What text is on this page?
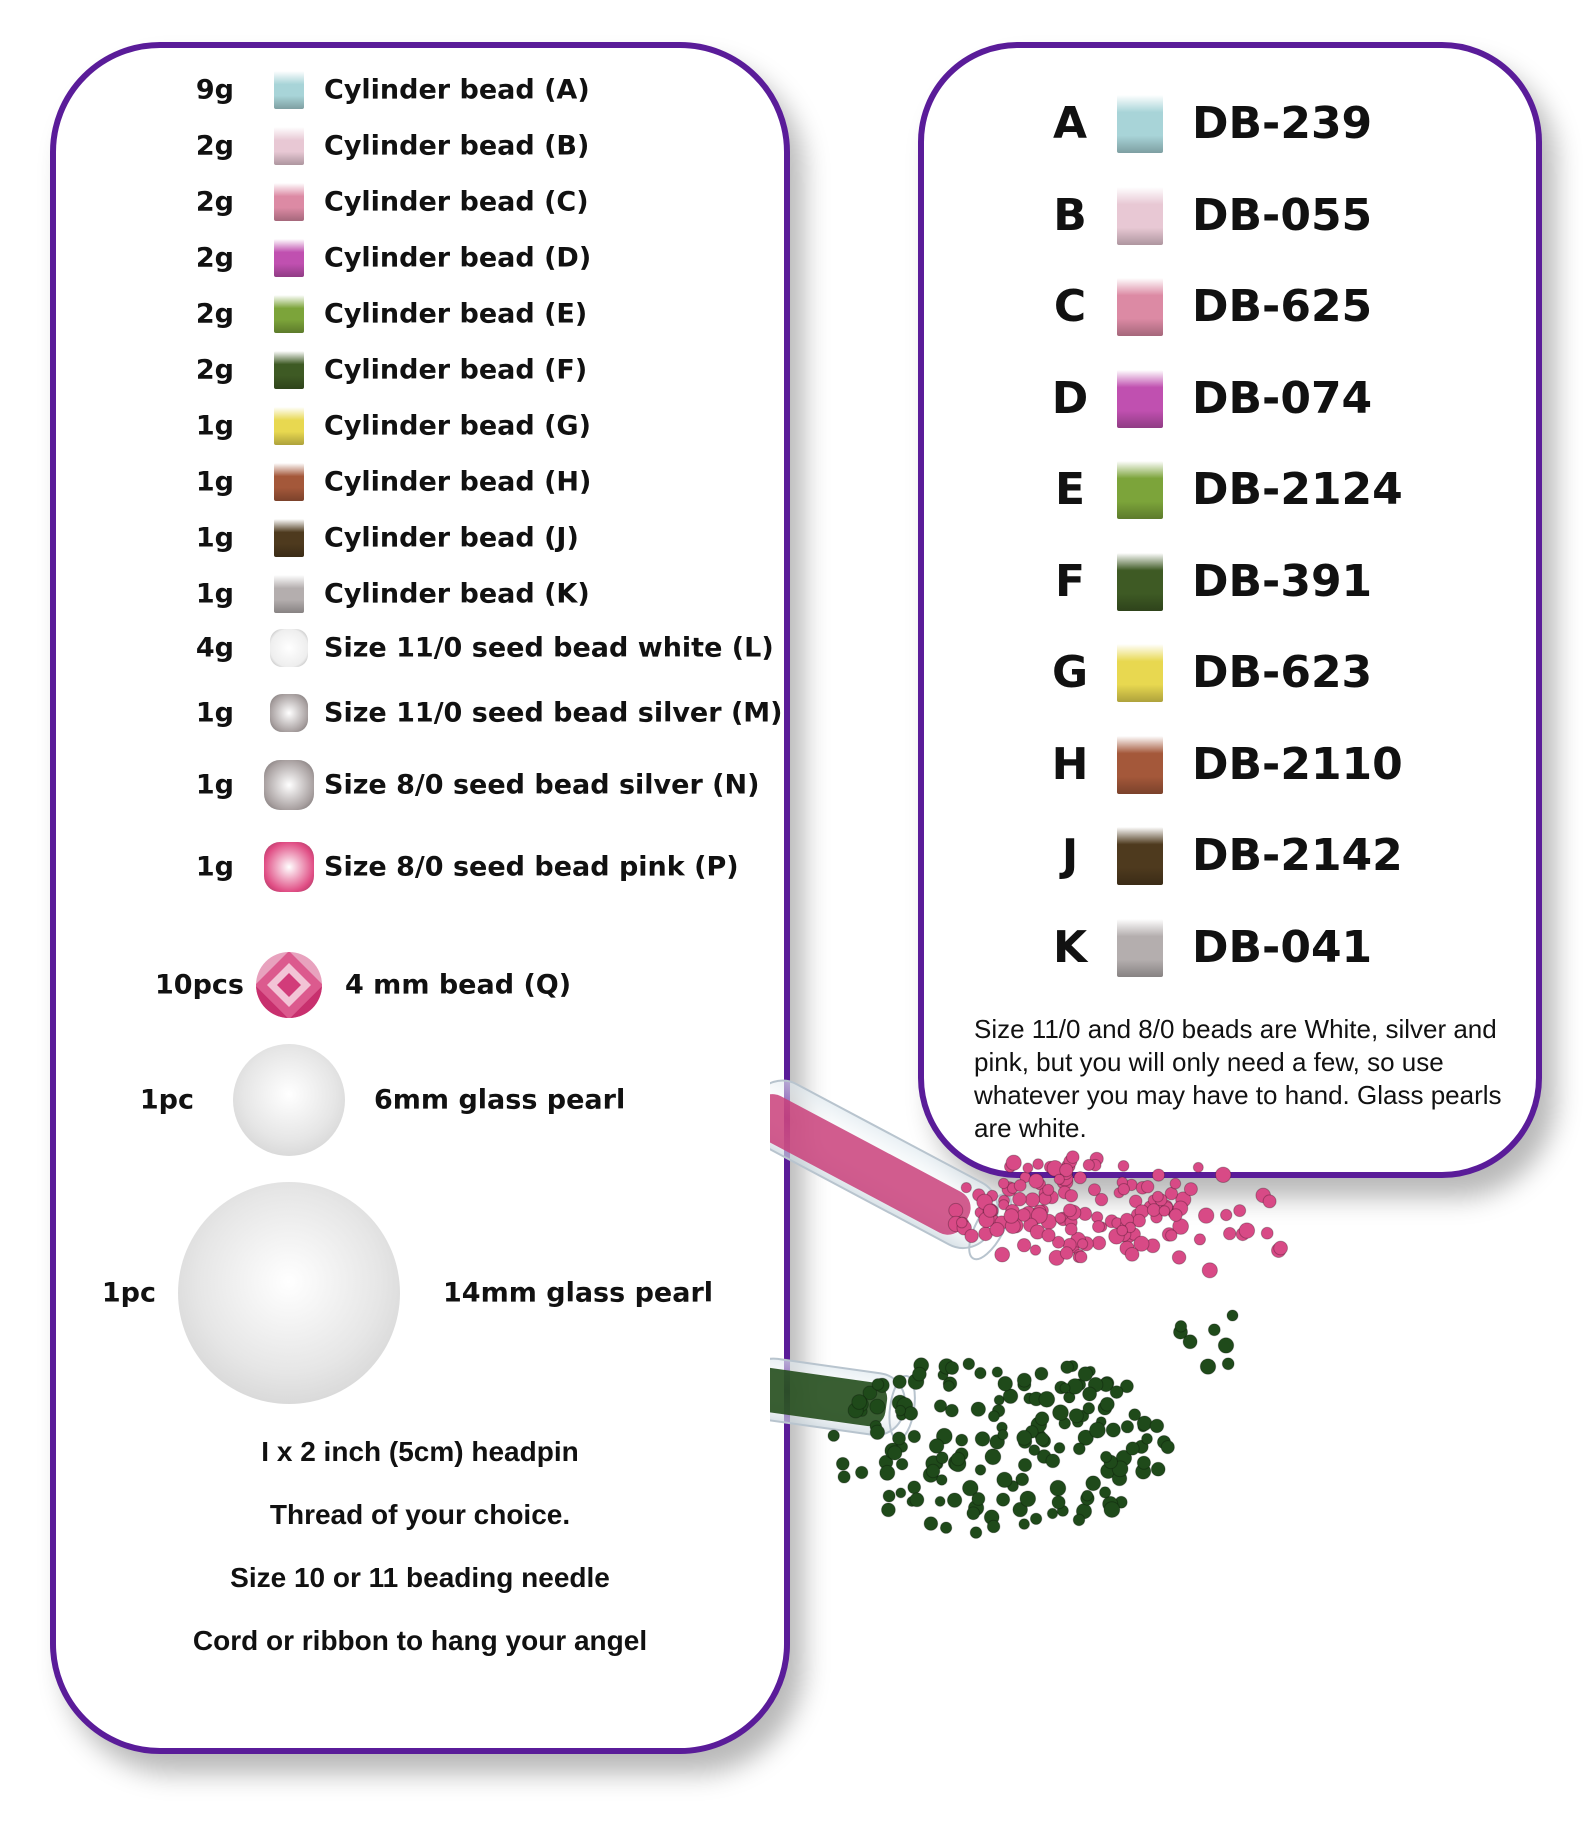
9g	Cylinder bead (A)
2g	Cylinder bead (B)
2g	Cylinder bead (C)
2g	Cylinder bead (D)
2g	Cylinder bead (E)
2g	Cylinder bead (F)
1g	Cylinder bead (G)
1g	Cylinder bead (H)
1g	Cylinder bead (J)
1g	Cylinder bead (K)
4g	Size 11/0 seed bead white (L)
1g	Size 11/0 seed bead silver (M)
1g	Size 8/0 seed bead silver (N)
1g	Size 8/0 seed bead pink (P)
10pcs	4 mm bead (Q)
1pc	6mm glass pearl
1pc	14mm glass pearl
I x 2 inch (5cm) headpin
Thread of your choice.
Size 10 or 11 beading needle
Cord or ribbon to hang your angel
A DB-239
B DB-055
C DB-625
D DB-074
E DB-2124
F DB-391
G DB-623
H DB-2110
J	DB-2142
K DB-041
Size 11/0 and 8/0 beads are White, silver and pink, but you will only need a few, so use whatever you may have to hand. Glass pearls are white.
